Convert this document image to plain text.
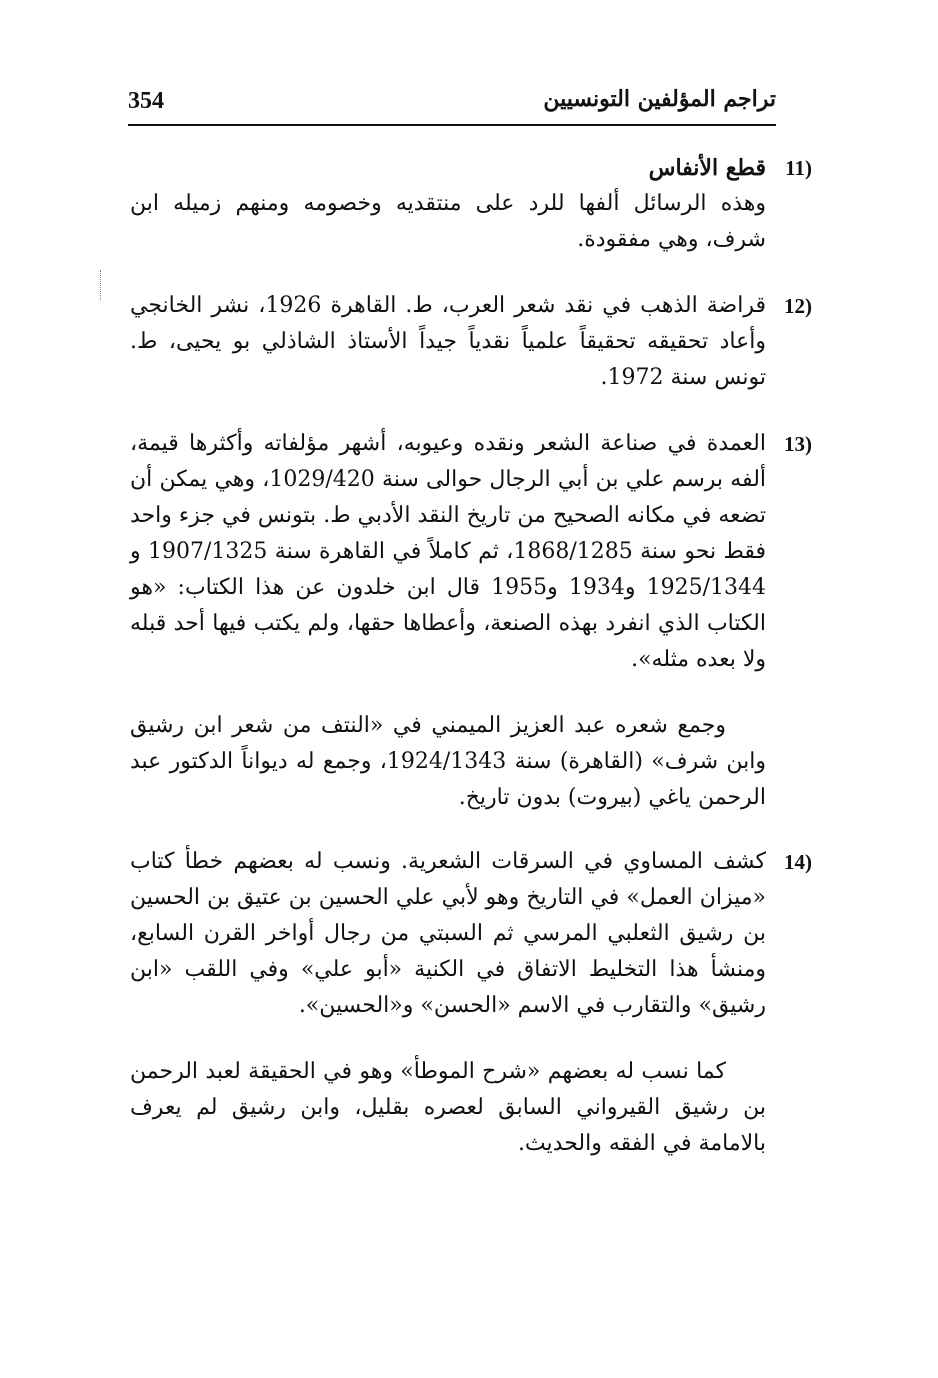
354	تراجم المؤلفين التونسيين
11)

قطع الأنفاس

وهذه الرسائل ألفها للرد على منتقديه وخصومه ومنهم زميله ابن شرف، وهي مفقودة.

12)

قراضة الذهب في نقد شعر العرب، ط. القاهرة 1926، نشر الخانجي وأعاد تحقيقه تحقيقاً علمياً نقدياً جيداً الأستاذ الشاذلي بو يحيى، ط. تونس سنة 1972.

13)

العمدة في صناعة الشعر ونقده وعيوبه، أشهر مؤلفاته وأكثرها قيمة، ألفه برسم علي بن أبي الرجال حوالى سنة 1029/420، وهي يمكن أن تضعه في مكانه الصحيح من تاريخ النقد الأدبي ط. بتونس في جزء واحد فقط نحو سنة 1868/1285، ثم كاملاً في القاهرة سنة 1907/1325 و 1925/1344 و1934 و1955 قال ابن خلدون عن هذا الكتاب: «هو الكتاب الذي انفرد بهذه الصنعة، وأعطاها حقها، ولم يكتب فيها أحد قبله ولا بعده مثله».

وجمع شعره عبد العزيز الميمني في «النتف من شعر ابن رشيق وابن شرف» (القاهرة) سنة 1924/1343، وجمع له ديواناً الدكتور عبد الرحمن ياغي (بيروت) بدون تاريخ.

14)

كشف المساوي في السرقات الشعرية. ونسب له بعضهم خطأ كتاب «ميزان العمل» في التاريخ وهو لأبي علي الحسين بن عتيق بن الحسين بن رشيق الثعلبي المرسي ثم السبتي من رجال أواخر القرن السابع، ومنشأ هذا التخليط الاتفاق في الكنية «أبو علي» وفي اللقب «ابن رشيق» والتقارب في الاسم «الحسن» و«الحسين».

كما نسب له بعضهم «شرح الموطأ» وهو في الحقيقة لعبد الرحمن بن رشيق القيرواني السابق لعصره بقليل، وابن رشيق لم يعرف بالامامة في الفقه والحديث.
